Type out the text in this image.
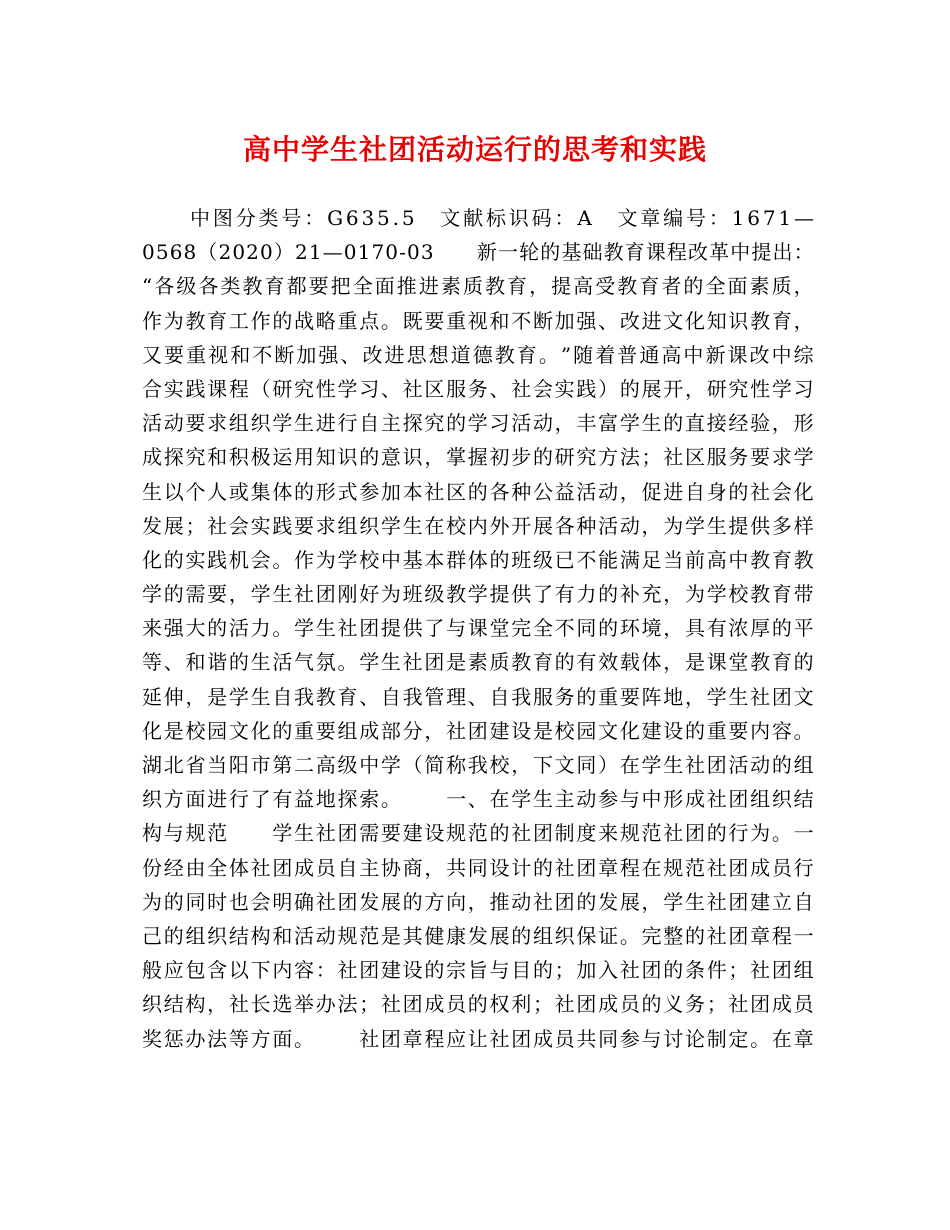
高中学生社团活动运行的思考和实践
中 图 分 类 号 ： G 6 3 5 . 5
　 文 献 标 识 码 ： A
　 文 章 编 号 ： 1 6 7 1 —
0 5 6 8 （ 2 0 2 0 ） 2 1 — 0 1 7 0 - 0 3

　 新 一 轮 的 基 础 教 育 课 程 改 革 中 提 出 ：
“ 各 级 各 类 教 育 都 要 把 全 面 推 进 素 质 教 育 ， 提 高 受 教 育 者 的 全 面 素 质 ，
作 为 教 育 工 作 的 战 略 重 点 。 既 要 重 视 和 不 断 加 强 、 改 进 文 化 知 识 教 育 ，
又 要 重 视 和 不 断 加 强 、 改 进 思 想 道 德 教 育 。 ” 随 着 普 通 高 中 新 课 改 中 综
合 实 践 课 程 （ 研 究 性 学 习 、 社 区 服 务 、 社 会 实 践 ） 的 展 开 ， 研 究 性 学 习
活 动 要 求 组 织 学 生 进 行 自 主 探 究 的 学 习 活 动 ， 丰 富 学 生 的 直 接 经 验 ， 形
成 探 究 和 积 极 运 用 知 识 的 意 识 ， 掌 握 初 步 的 研 究 方 法 ； 社 区 服 务 要 求 学
生 以 个 人 或 集 体 的 形 式 参 加 本 社 区 的 各 种 公 益 活 动 ， 促 进 自 身 的 社 会 化
发 展 ； 社 会 实 践 要 求 组 织 学 生 在 校 内 外 开 展 各 种 活 动 ， 为 学 生 提 供 多 样
化 的 实 践 机 会 。 作 为 学 校 中 基 本 群 体 的 班 级 已 不 能 满 足 当 前 高 中 教 育 教
学 的 需 要 ， 学 生 社 团 刚 好 为 班 级 教 学 提 供 了 有 力 的 补 充 ， 为 学 校 教 育 带
来 强 大 的 活 力 。 学 生 社 团 提 供 了 与 课 堂 完 全 不 同 的 环 境 ， 具 有 浓 厚 的 平
等 、 和 谐 的 生 活 气 氛 。 学 生 社 团 是 素 质 教 育 的 有 效 载 体 ， 是 课 堂 教 育 的
延 伸 ， 是 学 生 自 我 教 育 、 自 我 管 理 、 自 我 服 务 的 重 要 阵 地 ， 学 生 社 团 文
化 是 校 园 文 化 的 重 要 组 成 部 分 ， 社 团 建 设 是 校 园 文 化 建 设 的 重 要 内 容 。
湖 北 省 当 阳 市 第 二 高 级 中 学 （ 简 称 我 校 ， 下 文 同 ） 在 学 生 社 团 活 动 的 组
织 方 面 进 行 了 有 益 地 探 索 。

　 一 、 在 学 生 主 动 参 与 中 形 成 社 团 组 织 结
构 与 规 范

　 学 生 社 团 需 要 建 设 规 范 的 社 团 制 度 来 规 范 社 团 的 行 为 。 一
份 经 由 全 体 社 团 成 员 自 主 协 商 ， 共 同 设 计 的 社 团 章 程 在 规 范 社 团 成 员 行
为 的 同 时 也 会 明 确 社 团 发 展 的 方 向 ， 推 动 社 团 的 发 展 ， 学 生 社 团 建 立 自
己 的 组 织 结 构 和 活 动 规 范 是 其 健 康 发 展 的 组 织 保 证 。 完 整 的 社 团 章 程 一
般 应 包 含 以 下 内 容 ： 社 团 建 设 的 宗 旨 与 目 的 ； 加 入 社 团 的 条 件 ； 社 团 组
织 结 构 ， 社 长 选 举 办 法 ； 社 团 成 员 的 权 利 ； 社 团 成 员 的 义 务 ； 社 团 成 员
奖 惩 办 法 等 方 面 。

　 社 团 章 程 应 让 社 团 成 员 共 同 参 与 讨 论 制 定 。 在 章
